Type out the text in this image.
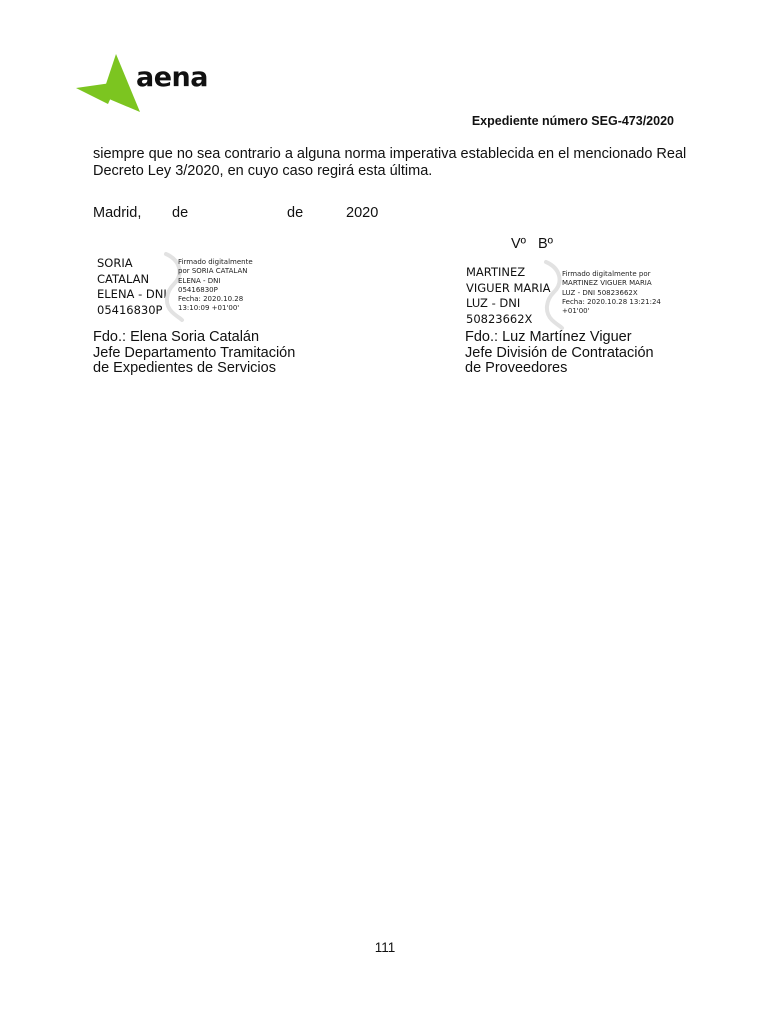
aena
Expediente número SEG-473/2020

siempre que no sea contrario a alguna norma imperativa establecida en el mencionado Real

Decreto Ley 3/2020, en cuyo caso regirá esta última.

Madrid, de	de	2020
Vº Bº
SORIA
CATALAN
ELENA - DNI
05416830P
Firmado digitalmente
por SORIA CATALAN
ELENA - DNI
05416830P
Fecha: 2020.10.28
13:10:09 +01'00'
MARTINEZ
VIGUER MARIA
LUZ - DNI
50823662X
Firmado digitalmente por
MARTINEZ VIGUER MARIA
LUZ - DNI 50823662X
Fecha: 2020.10.28 13:21:24
+01'00'
Fdo.: Elena Soria Catalán
Jefe Departamento Tramitación
de Expedientes de Servicios
Fdo.: Luz Martínez Viguer
Jefe División de Contratación
de Proveedores
111
